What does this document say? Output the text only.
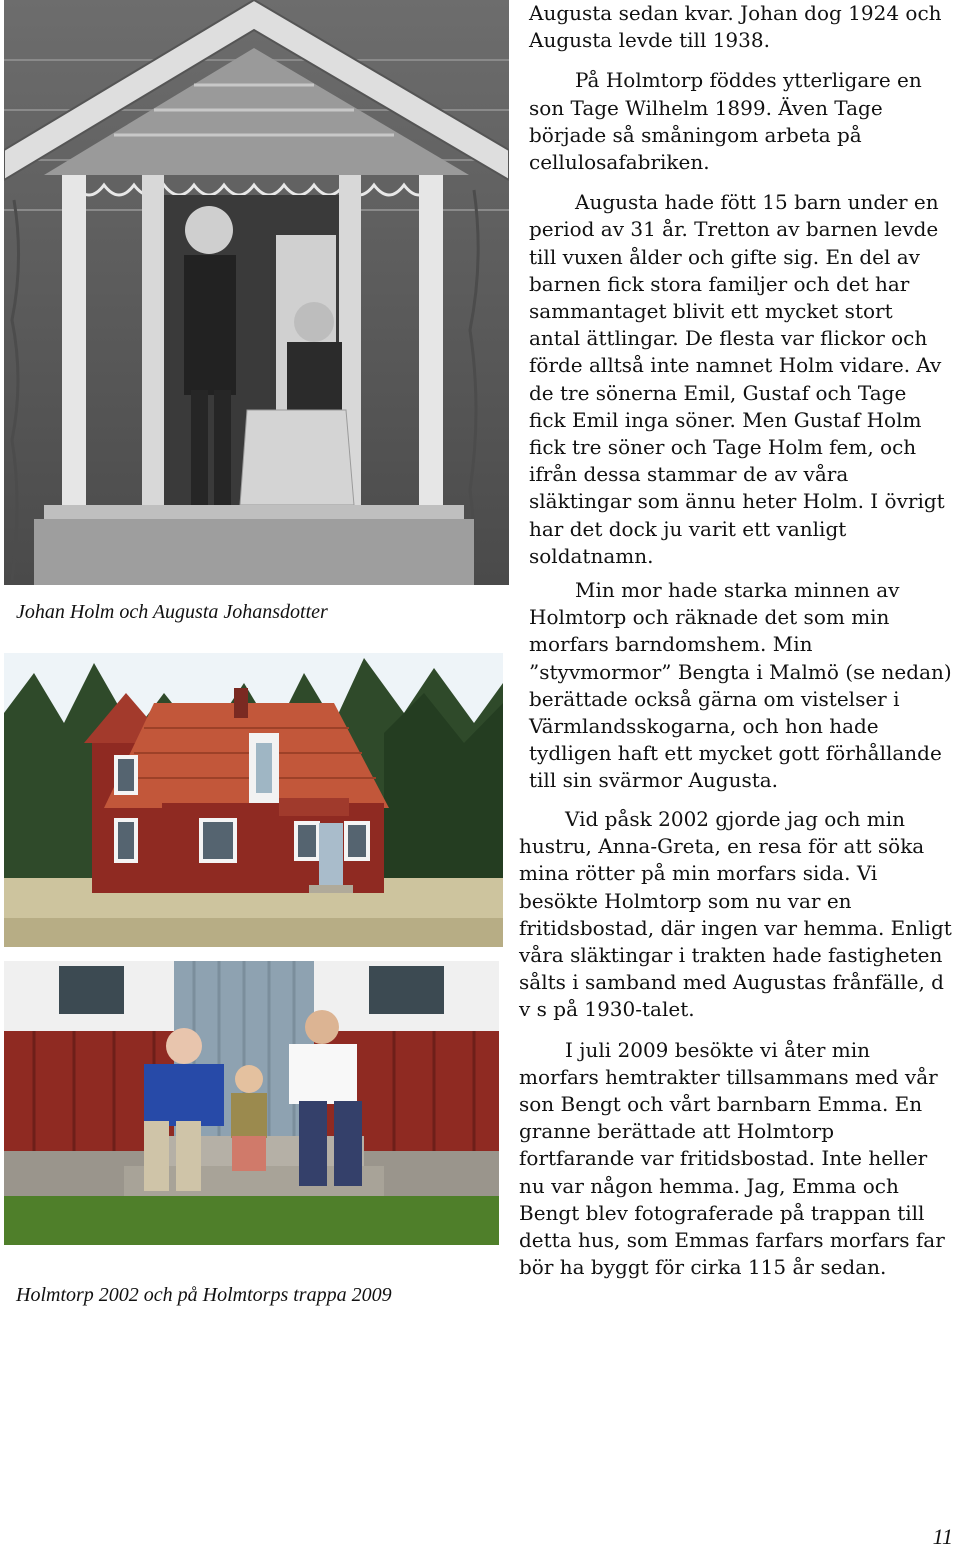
Johan Holm och Augusta Johansdotter
Holmtorp 2002 och på Holmtorps trappa 2009

Augusta sedan kvar. Johan dog 1924 och Augusta levde till 1938.

På Holmtorp föddes ytterligare en son Tage Wilhelm 1899. Även Tage började så småningom arbeta på cellulosafabriken.

Augusta hade fött 15 barn under en period av 31 år. Tretton av barnen levde till vuxen ålder och gifte sig. En del av barnen fick stora familjer och det har sammantaget blivit ett mycket stort antal ättlingar. De flesta var flickor och förde alltså inte namnet Holm vidare. Av de tre sönerna Emil, Gustaf och Tage fick Emil inga söner. Men Gustaf Holm fick tre söner och Tage Holm fem, och ifrån dessa stammar de av våra släktingar som ännu heter Holm. I övrigt har det dock ju varit ett vanligt soldatnamn.

Min mor hade starka minnen av Holmtorp och räknade det som min morfars barndomshem. Min ”styvmormor” Bengta i Malmö (se nedan) berättade också gärna om vistelser i Värmlandsskogarna, och hon hade tydligen haft ett mycket gott förhållande till sin svärmor Augusta.

Vid påsk 2002 gjorde jag och min hustru, Anna-Greta, en resa för att söka mina rötter på min morfars sida. Vi besökte Holmtorp som nu var en fritidsbostad, där ingen var hemma. Enligt våra släktingar i trakten hade fastigheten sålts i samband med Augustas frånfälle, d v s på 1930-talet.

I juli 2009 besökte vi åter min morfars hemtrakter tillsammans med vår son Bengt och vårt barnbarn Emma. En granne berättade att Holmtorp fortfarande var fritidsbostad. Inte heller nu var någon hemma. Jag, Emma och Bengt blev fotograferade på trappan till detta hus, som Emmas farfars morfars far bör ha byggt för cirka 115 år sedan.

11
